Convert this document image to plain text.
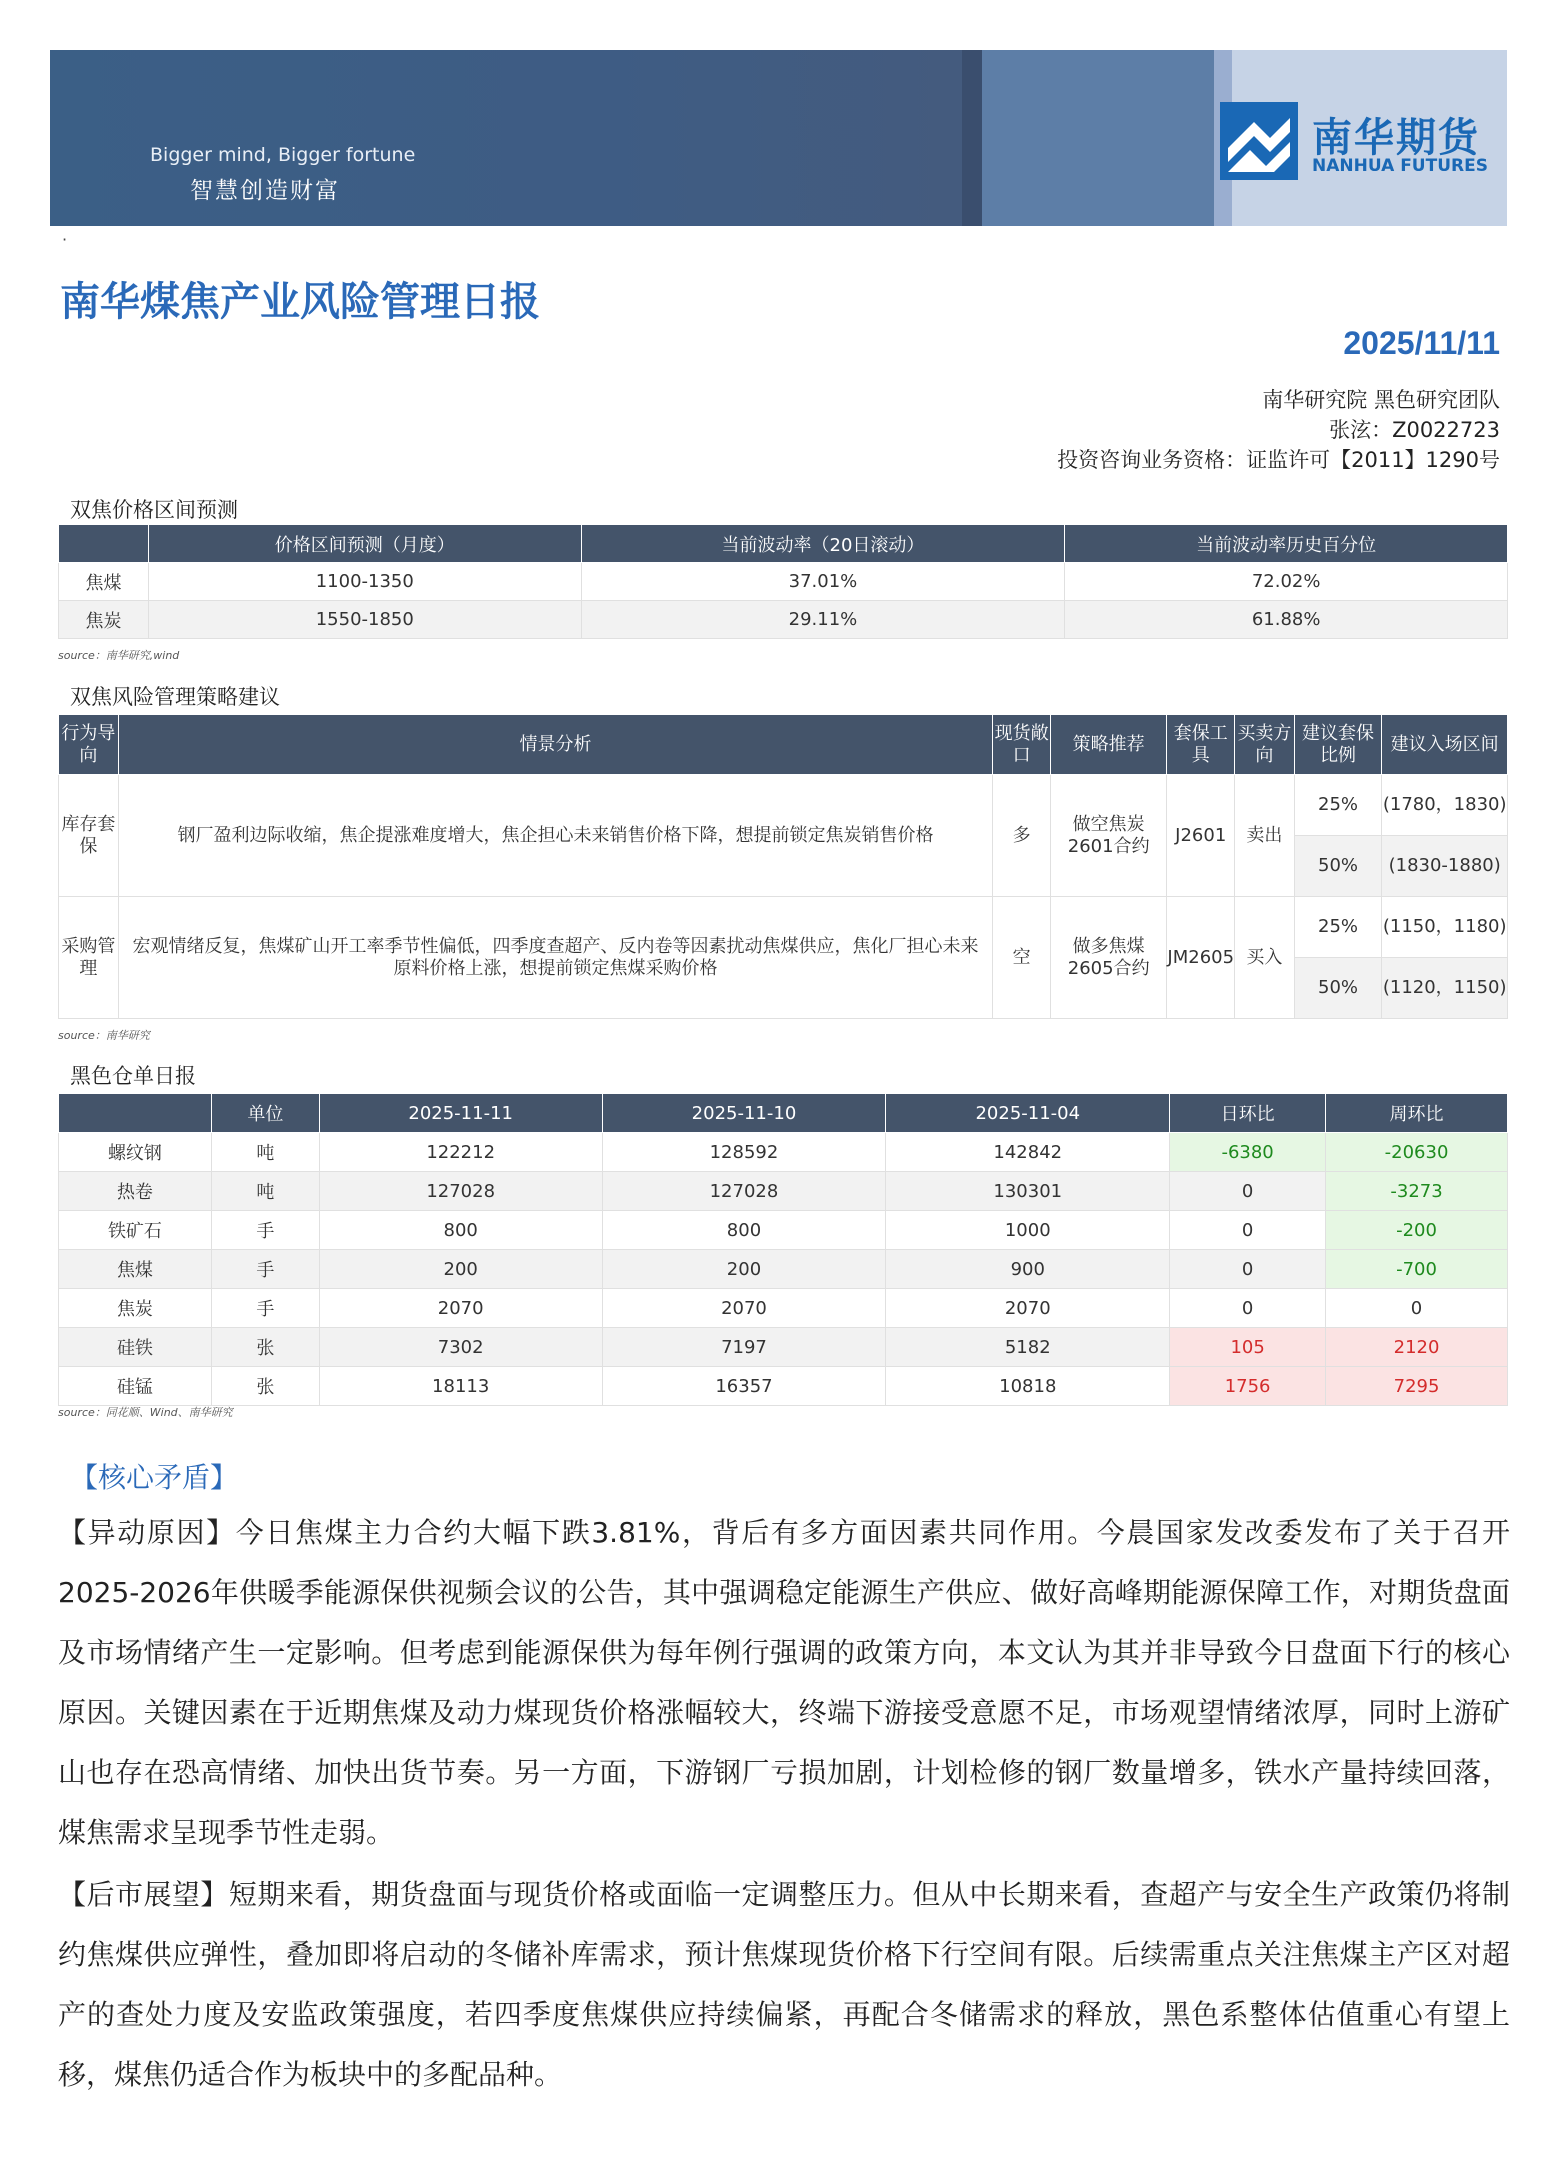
Bigger mind, Bigger fortune
智慧创造财富
南华期货
NANHUA FUTURES
·
南华煤焦产业风险管理日报
2025/11/11
南华研究院 黑色研究团队
张泫：Z0022723
投资咨询业务资格：证监许可【2011】1290号
双焦价格区间预测
	价格区间预测（月度）	当前波动率（20日滚动）	当前波动率历史百分位
焦煤	1100-1350	37.01%	72.02%
焦炭	1550-1850	29.11%	61.88%
source：南华研究,wind
双焦风险管理策略建议
行为导向	情景分析	现货敞口	策略推荐	套保工具	买卖方向	建议套保比例	建议入场区间
库存套保	钢厂盈利边际收缩，焦企提涨难度增大，焦企担心未来销售价格下降，想提前锁定焦炭销售价格	多	做空焦炭2601合约	J2601	卖出	25%	(1780，1830)
						50%	(1830-1880)
采购管理	宏观情绪反复，焦煤矿山开工率季节性偏低，四季度查超产、反内卷等因素扰动焦煤供应，焦化厂担心未来原料价格上涨，想提前锁定焦煤采购价格	空	做多焦煤2605合约	JM2605	买入	25%	(1150，1180)
						50%	(1120，1150)
source：南华研究
黑色仓单日报
	单位	2025-11-11	2025-11-10	2025-11-04	日环比	周环比
螺纹钢	吨	122212	128592	142842	-6380	-20630
热卷	吨	127028	127028	130301	0	-3273
铁矿石	手	800	800	1000	0	-200
焦煤	手	200	200	900	0	-700
焦炭	手	2070	2070	2070	0	0
硅铁	张	7302	7197	5182	105	2120
硅锰	张	18113	16357	10818	1756	7295
source：同花顺、Wind、南华研究
【核心矛盾】
【异动原因】今日焦煤主力合约大幅下跌3.81%，背后有多方面因素共同作用。今晨国家发改委发布了关于召开2025-2026年供暖季能源保供视频会议的公告，其中强调稳定能源生产供应、做好高峰期能源保障工作，对期货盘面及市场情绪产生一定影响。但考虑到能源保供为每年例行强调的政策方向，本文认为其并非导致今日盘面下行的核心原因。关键因素在于近期焦煤及动力煤现货价格涨幅较大，终端下游接受意愿不足，市场观望情绪浓厚，同时上游矿山也存在恐高情绪、加快出货节奏。另一方面，下游钢厂亏损加剧，计划检修的钢厂数量增多，铁水产量持续回落，煤焦需求呈现季节性走弱。
【后市展望】短期来看，期货盘面与现货价格或面临一定调整压力。但从中长期来看，查超产与安全生产政策仍将制约焦煤供应弹性，叠加即将启动的冬储补库需求，预计焦煤现货价格下行空间有限。后续需重点关注焦煤主产区对超产的查处力度及安监政策强度，若四季度焦煤供应持续偏紧，再配合冬储需求的释放，黑色系整体估值重心有望上移，煤焦仍适合作为板块中的多配品种。
